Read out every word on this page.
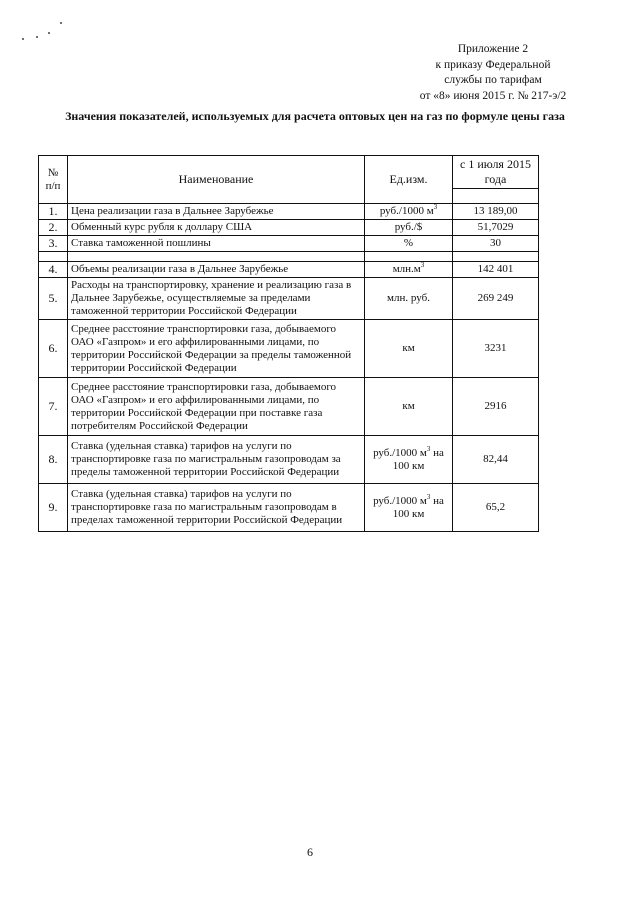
Приложение 2
к приказу Федеральной
службы по тарифам
от «8» июня 2015 г. № 217-э/2
Значения показателей, используемых для расчета оптовых цен на газ по формуле цены газа
№ п/п	Наименование	Ед.изм.	с 1 июля 2015 года

1.	Цена реализации газа в Дальнее Зарубежье	руб./1000 $м^3$	13 189,00
2.	Обменный курс рубля к доллару США	руб./$	51,7029
3.	Ставка таможенной пошлины	%	30

4.	Объемы реализации газа в Дальнее Зарубежье	$млн.м^3$	142 401
5.	Расходы на транспортировку, хранение и реализацию газа в Дальнее Зарубежье, осуществляемые за пределами таможенной территории Российской Федерации	млн. руб.	269 249
6.	Среднее расстояние транспортировки газа, добываемого ОАО «Газпром» и его аффилированными лицами, по территории Российской Федерации за пределы таможенной территории Российской Федерации	км	3231
7.	Среднее расстояние транспортировки газа, добываемого ОАО «Газпром» и его аффилированными лицами, по территории Российской Федерации при поставке газа потребителям Российской Федерации	км	2916
8.	Ставка (удельная ставка) тарифов на услуги по транспортировке газа по магистральным газопроводам за пределы таможенной территории Российской Федерации	руб./1000 $м^3$ на 100 км	82,44
9.	Ставка (удельная ставка) тарифов на услуги по транспортировке газа по магистральным газопроводам в пределах таможенной территории Российской Федерации	руб./1000 $м^3$ на 100 км	65,2
6
